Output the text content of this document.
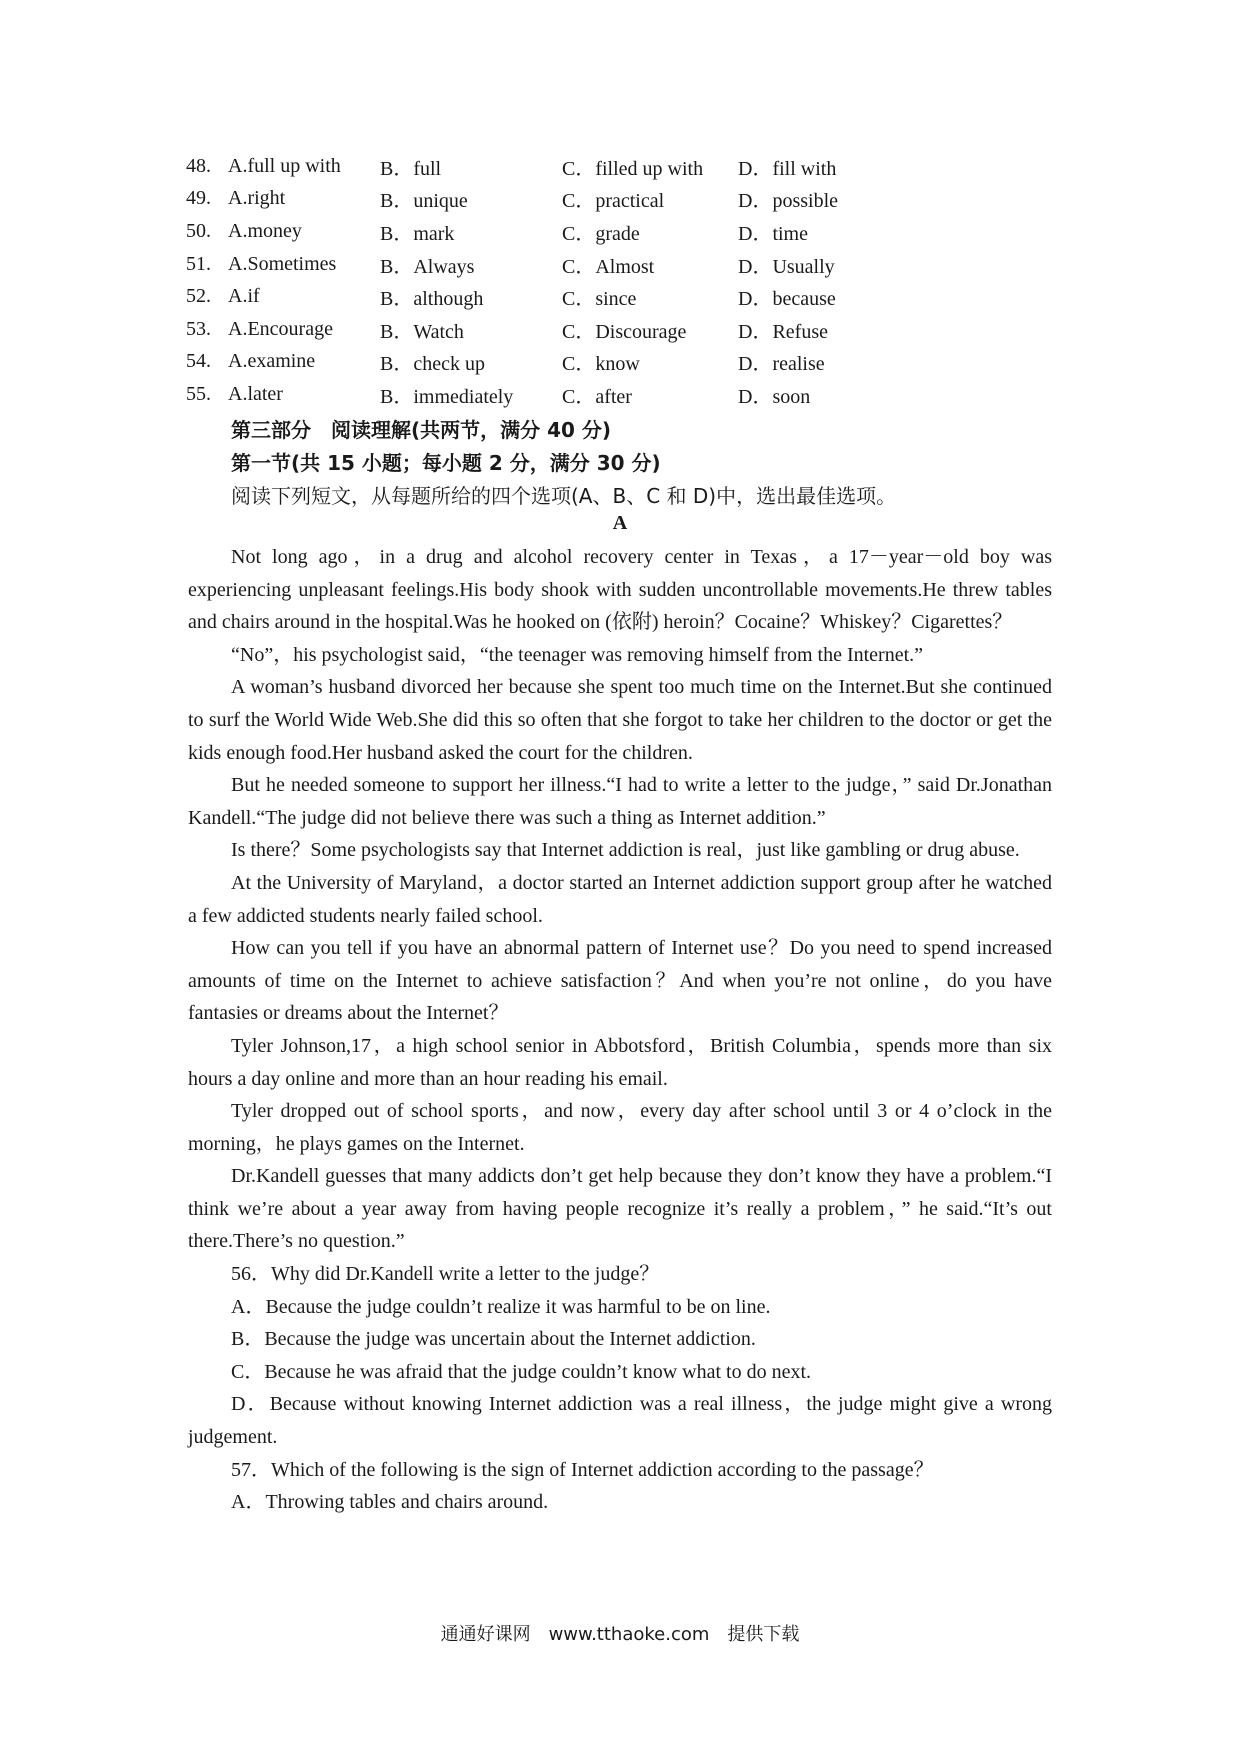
48. A.full up with	B．full	C．filled up with	D．fill with
49. A.right	B．unique	C．practical	D．possible
50. A.money	B．mark	C．grade	D．time
51. A.Sometimes	B．Always	C．Almost	D．Usually
52. A.if	B．although	C．since	D．because
53. A.Encourage	B．Watch	C．Discourage	D．Refuse
54. A.examine	B．check up	C．know	D．realise
55. A.later	B．immediately	C．after	D．soon
第三部分　阅读理解(共两节，满分 40 分)
第一节(共 15 小题；每小题 2 分，满分 30 分)
阅读下列短文，从每题所给的四个选项(A、B、C 和 D)中，选出最佳选项。
A

Not long ago，in a drug and alcohol recovery center in Texas，a 17－year－old boy was experiencing unpleasant feelings.His body shook with sudden uncontrollable movements.He threw tables and chairs around in the hospital.Was he hooked on (依附) heroin？Cocaine？Whiskey？Cigarettes？

“No”，his psychologist said，“the teenager was removing himself from the Internet.”

A woman’s husband divorced her because she spent too much time on the Internet.But she continued to surf the World Wide Web.She did this so often that she forgot to take her children to the doctor or get the kids enough food.Her husband asked the court for the children.

But he needed someone to support her illness.“I had to write a letter to the judge，” said Dr.Jonathan Kandell.“The judge did not believe there was such a thing as Internet addition.”

Is there？Some psychologists say that Internet addiction is real，just like gambling or drug abuse.

At the University of Maryland，a doctor started an Internet addiction support group after he watched　a few addicted students nearly failed school.

How can you tell if you have an abnormal pattern of Internet use？Do you need to spend increased amounts of time on the Internet to achieve satisfaction？And when you’re not online，do you have fantasies or dreams about the Internet？

Tyler Johnson,17，a high school senior in Abbotsford，British Columbia，spends more than six hours a day online and more than an hour reading his email.

Tyler dropped out of school sports，and now，every day after school until 3 or 4 o’clock in the morning，he plays games on the Internet.

Dr.Kandell guesses that many addicts don’t get help because they don’t know they have a problem.“I think we’re about a year away from having people recognize it’s really a problem，” he said.“It’s out there.There’s no question.”

56．Why did Dr.Kandell write a letter to the judge？

A．Because the judge couldn’t realize it was harmful to be on line.

B．Because the judge was uncertain about the Internet addiction.

C．Because he was afraid that the judge couldn’t know what to do next.

D．Because without knowing Internet addiction was a real illness，the judge might give a wrong judgement.

57．Which of the following is the sign of Internet addiction according to the passage？

A．Throwing tables and chairs around.

通通好课网　www.tthaoke.com　提供下载
